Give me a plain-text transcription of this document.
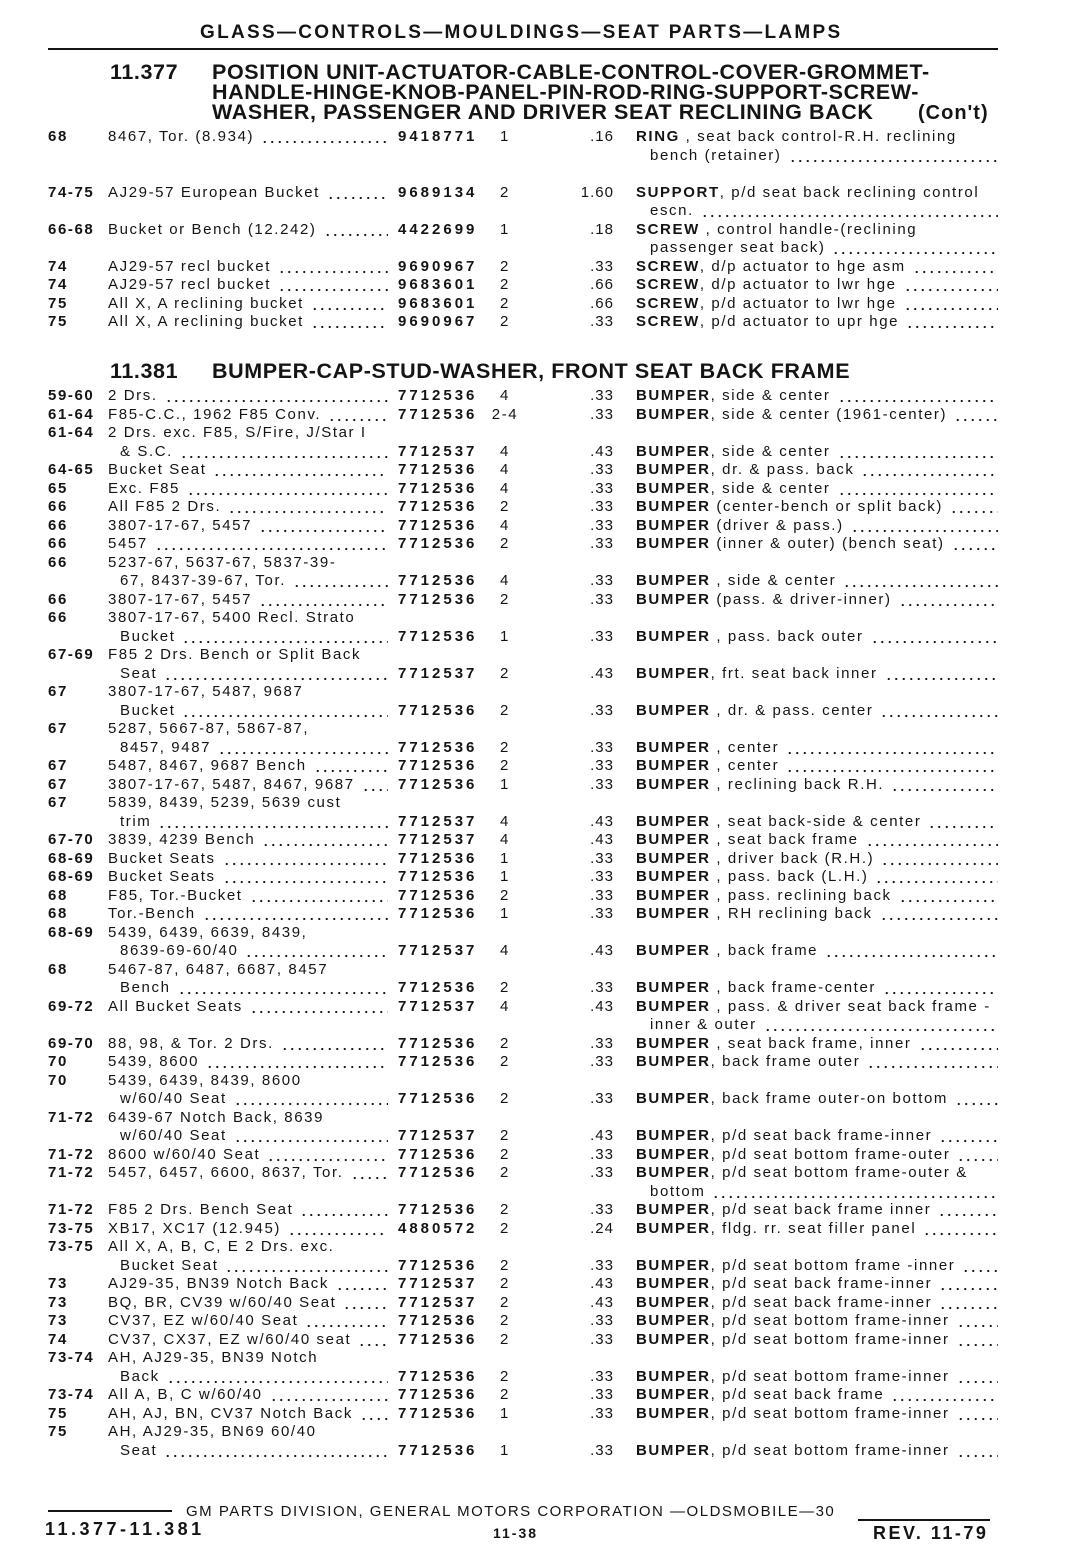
GLASS—CONTROLS—MOULDINGS—SEAT PARTS—LAMPS
11.377 POSITION UNIT-ACTUATOR-CABLE-CONTROL-COVER-GROMMET-
HANDLE-HINGE-KNOB-PANEL-PIN-ROD-RING-SUPPORT-SCREW-
WASHER, PASSENGER AND DRIVER SEAT RECLINING BACK (Con't)
68	8467, Tor. (8.934)	9418771	1	.16 RING , seat back control-R.H. reclining
bench (retainer)
74-75 AJ29-57 European Bucket	9689134	2	1.60 SUPPORT , p/d seat back reclining control
escn.
66-68 Bucket or Bench (12.242)	4422699	1	.18 SCREW , control handle-(reclining
passenger seat back)
74	AJ29-57 recl bucket	9690967	2	.33 SCREW , d/p actuator to hge asm
74	AJ29-57 recl bucket	9683601	2	.66 SCREW , d/p actuator to lwr hge
75	All X, A reclining bucket	9683601	2	.66 SCREW , p/d actuator to lwr hge
75	All X, A reclining bucket	9690967	2	.33 SCREW , p/d actuator to upr hge
11.381 BUMPER-CAP-STUD-WASHER, FRONT SEAT BACK FRAME
59-60 2 Drs.	7712536	4	.33 BUMPER , side & center
61-64 F85-C.C., 1962 F85 Conv.	7712536 2-4	.33 BUMPER , side & center (1961-center)
61-64 2 Drs. exc. F85, S/Fire, J/Star I
& S.C.	7712537	4	.43 BUMPER , side & center
64-65 Bucket Seat	7712536	4	.33 BUMPER , dr. & pass. back
65	Exc. F85	7712536	4	.33 BUMPER , side & center
66	All F85 2 Drs.	7712536	2	.33 BUMPER (center-bench or split back)
66	3807-17-67, 5457	7712536	4	.33 BUMPER (driver & pass.)
66	5457	7712536	2	.33 BUMPER (inner & outer) (bench seat)
66	5237-67, 5637-67, 5837-39-
67, 8437-39-67, Tor.	7712536	4	.33 BUMPER , side & center
66	3807-17-67, 5457	7712536	2	.33 BUMPER (pass. & driver-inner)
66	3807-17-67, 5400 Recl. Strato
Bucket	7712536	1	.33 BUMPER , pass. back outer
67-69 F85 2 Drs. Bench or Split Back
Seat	7712537	2	.43 BUMPER , frt. seat back inner
67	3807-17-67, 5487, 9687
Bucket	7712536	2	.33 BUMPER , dr. & pass. center
67	5287, 5667-87, 5867-87,
8457, 9487	7712536	2	.33 BUMPER , center
67	5487, 8467, 9687 Bench	7712536	2	.33 BUMPER , center
67	3807-17-67, 5487, 8467, 9687	7712536	1	.33 BUMPER , reclining back R.H.
67	5839, 8439, 5239, 5639 cust
trim	7712537	4	.43 BUMPER , seat back-side & center
67-70 3839, 4239 Bench	7712537	4	.43 BUMPER , seat back frame
68-69 Bucket Seats	7712536	1	.33 BUMPER , driver back (R.H.)
68-69 Bucket Seats	7712536	1	.33 BUMPER , pass. back (L.H.)
68	F85, Tor.-Bucket	7712536	2	.33 BUMPER , pass. reclining back
68	Tor.-Bench	7712536	1	.33 BUMPER , RH reclining back
68-69 5439, 6439, 6639, 8439,
8639-69-60/40	7712537	4	.43 BUMPER , back frame
68	5467-87, 6487, 6687, 8457
Bench	7712536	2	.33 BUMPER , back frame-center
69-72 All Bucket Seats	7712537	4	.43 BUMPER , pass. & driver seat back frame -
inner & outer
69-70 88, 98, & Tor. 2 Drs.	7712536	2	.33 BUMPER , seat back frame, inner
70	5439, 8600	7712536	2	.33 BUMPER , back frame outer
70	5439, 6439, 8439, 8600
w/60/40 Seat	7712536	2	.33 BUMPER , back frame outer-on bottom
71-72 6439-67 Notch Back, 8639
w/60/40 Seat	7712537	2	.43 BUMPER , p/d seat back frame-inner
71-72 8600 w/60/40 Seat	7712536	2	.33 BUMPER , p/d seat bottom frame-outer
71-72 5457, 6457, 6600, 8637, Tor.	7712536	2	.33 BUMPER , p/d seat bottom frame-outer &
bottom
71-72 F85 2 Drs. Bench Seat	7712536	2	.33 BUMPER , p/d seat back frame inner
73-75 XB17, XC17 (12.945)	4880572	2	.24 BUMPER , fldg. rr. seat filler panel
73-75 All X, A, B, C, E 2 Drs. exc.
Bucket Seat	7712536	2	.33 BUMPER , p/d seat bottom frame -inner
73	AJ29-35, BN39 Notch Back	7712537	2	.43 BUMPER , p/d seat back frame-inner
73	BQ, BR, CV39 w/60/40 Seat	7712537	2	.43 BUMPER , p/d seat back frame-inner
73	CV37, EZ w/60/40 Seat	7712536	2	.33 BUMPER , p/d seat bottom frame-inner
74	CV37, CX37, EZ w/60/40 seat	7712536	2	.33 BUMPER , p/d seat bottom frame-inner
73-74 AH, AJ29-35, BN39 Notch
Back	7712536	2	.33 BUMPER , p/d seat bottom frame-inner
73-74 All A, B, C w/60/40	7712536	2	.33 BUMPER , p/d seat back frame
75	AH, AJ, BN, CV37 Notch Back	7712536	1	.33 BUMPER , p/d seat bottom frame-inner
75	AH, AJ29-35, BN69 60/40
Seat	7712536	1	.33 BUMPER , p/d seat bottom frame-inner
GM PARTS DIVISION, GENERAL MOTORS CORPORATION —OLDSMOBILE—30
11.377-11.381	11-38	REV. 11-79
